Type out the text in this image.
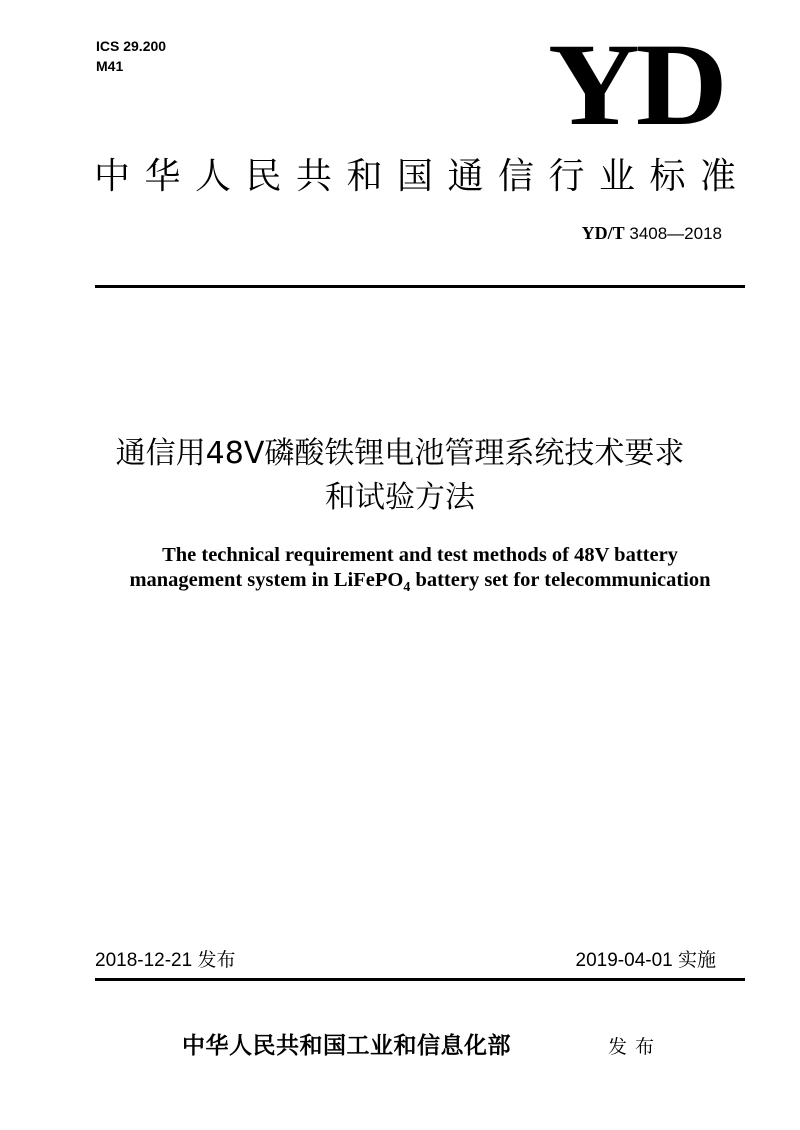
ICS 29.200
M41	YD
中华人民共和国通信行业标准
YD/T 3408—2018
通信用48V磷酸铁锂电池管理系统技术要求
和试验方法
The technical requirement and test methods of 48V battery
management system in LiFePO$_4$ battery set for telecommunication
2018-12-21 发布	2019-04-01 实施
中华人民共和国工业和信息化部	发布
